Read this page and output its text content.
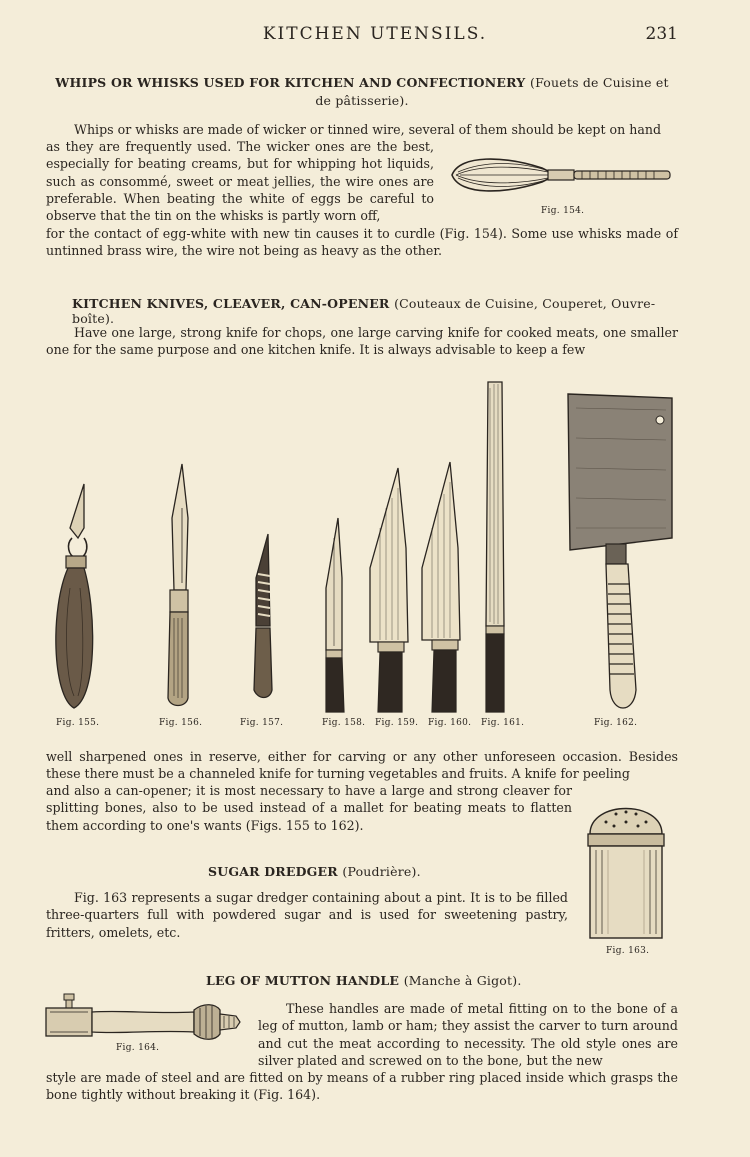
KITCHEN UTENSILS.	231
WHIPS OR WHISKS USED FOR KITCHEN AND CONFECTIONERY (Fouets de Cuisine et de pâtisserie).

Whips or whisks are made of wicker or tinned wire, several of them should be kept on hand

as they are frequently used. The wicker ones are the best, especially for beating creams, but for whipping hot liquids, such as consommé, sweet or meat jellies, the wire ones are preferable. When beating the white of eggs be careful to observe that the tin on the whisks is partly worn off,
for the contact of egg-white with new tin causes it to curdle (Fig. 154). Some use whisks made of untinned brass wire, the wire not being as heavy as the other.
Fig. 154.
KITCHEN KNIVES, CLEAVER, CAN-OPENER (Couteaux de Cuisine, Couperet, Ouvre-boîte).

Have one large, strong knife for chops, one large carving knife for cooked meats, one smaller one for the same purpose and one kitchen knife. It is always advisable to keep a few

Fig. 155.	Fig. 156.	Fig. 157.	Fig. 158. Fig. 159. Fig. 160. Fig. 161.	Fig. 162.
well sharpened ones in reserve, either for carving or any other unforeseen occasion. Besides these there must be a channeled knife for turning vegetables and fruits. A knife for peeling
and also a can-opener; it is most necessary to have a large and strong cleaver for splitting bones, also to be used instead of a mallet for beating meats to flatten them according to one's wants (Figs. 155 to 162).
SUGAR DREDGER (Poudrière).

Fig. 163 represents a sugar dredger containing about a pint. It is to be filled three-quarters full with powdered sugar and is used for sweetening pastry, fritters, omelets, etc.

Fig. 163.
LEG OF MUTTON HANDLE (Manche à Gigot).
Fig. 164.
These handles are made of metal fitting on to the bone of a leg of mutton, lamb or ham; they assist the carver to turn around and cut the meat according to necessity. The old style ones are silver plated and screwed on to the bone, but the new
style are made of steel and are fitted on by means of a rubber ring placed inside which grasps the bone tightly without breaking it (Fig. 164).
